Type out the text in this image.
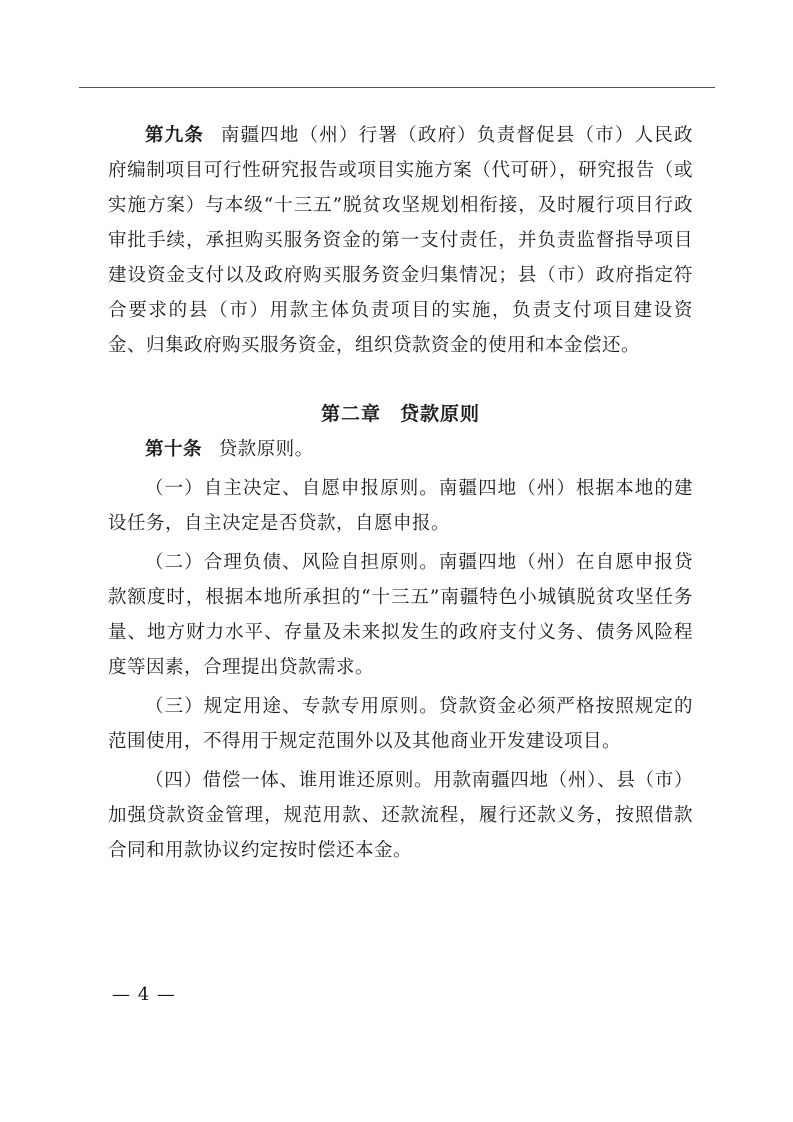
第九条 南疆四地（州）行署（政府）负责督促县（市）人民政府编制项目可行性研究报告或项目实施方案（代可研），研究报告（或实施方案）与本级“十三五”脱贫攻坚规划相衔接，及时履行项目行政审批手续，承担购买服务资金的第一支付责任，并负责监督指导项目建设资金支付以及政府购买服务资金归集情况；县（市）政府指定符合要求的县（市）用款主体负责项目的实施，负责支付项目建设资金、归集政府购买服务资金，组织贷款资金的使用和本金偿还。

第二章 贷款原则

第十条 贷款原则。

（一）自主决定、自愿申报原则。南疆四地（州）根据本地的建设任务，自主决定是否贷款，自愿申报。

（二）合理负债、风险自担原则。南疆四地（州）在自愿申报贷款额度时，根据本地所承担的“十三五”南疆特色小城镇脱贫攻坚任务量、地方财力水平、存量及未来拟发生的政府支付义务、债务风险程度等因素，合理提出贷款需求。

（三）规定用途、专款专用原则。贷款资金必须严格按照规定的范围使用，不得用于规定范围外以及其他商业开发建设项目。

（四）借偿一体、谁用谁还原则。用款南疆四地（州）、县（市）加强贷款资金管理，规范用款、还款流程，履行还款义务，按照借款合同和用款协议约定按时偿还本金。

— 4 —
